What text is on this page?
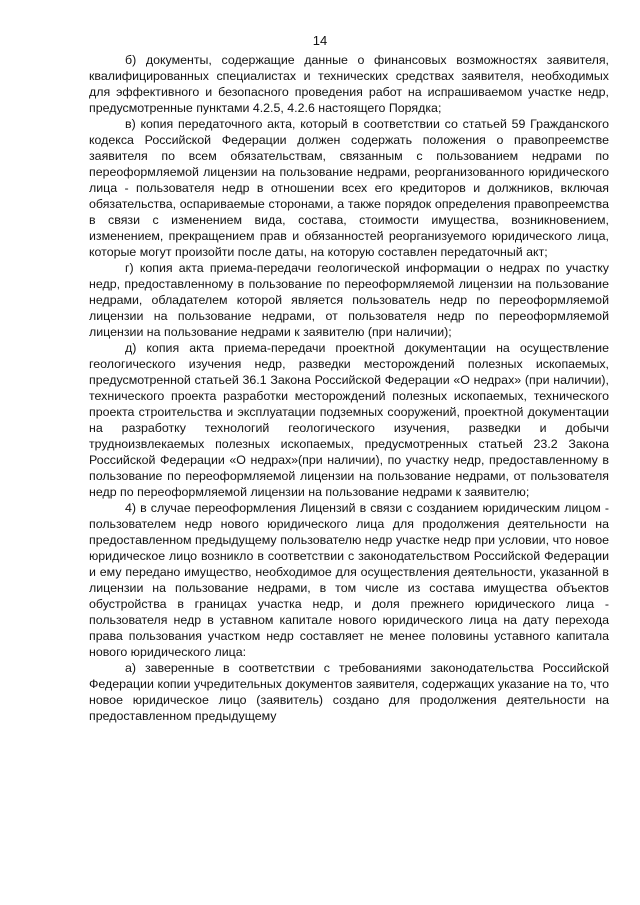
14

б) документы, содержащие данные о финансовых возможностях заявителя, квалифицированных специалистах и технических средствах заявителя, необходимых для эффективного и безопасного проведения работ на испрашиваемом участке недр, предусмотренные пунктами 4.2.5, 4.2.6 настоящего Порядка;

в) копия передаточного акта, который в соответствии со статьей 59 Гражданского кодекса Российской Федерации должен содержать положения о правопреемстве заявителя по всем обязательствам, связанным с пользованием недрами по переоформляемой лицензии на пользование недрами, реорганизованного юридического лица - пользователя недр в отношении всех его кредиторов и должников, включая обязательства, оспариваемые сторонами, а также порядок определения правопреемства в связи с изменением вида, состава, стоимости имущества, возникновением, изменением, прекращением прав и обязанностей реорганизуемого юридического лица, которые могут произойти после даты, на которую составлен передаточный акт;

г) копия акта приема-передачи геологической информации о недрах по участку недр, предоставленному в пользование по переоформляемой лицензии на пользование недрами, обладателем которой является пользователь недр по переоформляемой лицензии на пользование недрами, от пользователя недр по переоформляемой лицензии на пользование недрами к заявителю (при наличии);

д) копия акта приема-передачи проектной документации на осуществление геологического изучения недр, разведки месторождений полезных ископаемых, предусмотренной статьей 36.1 Закона Российской Федерации «О недрах» (при наличии), технического проекта разработки месторождений полезных ископаемых, технического проекта строительства и эксплуатации подземных сооружений, проектной документации на разработку технологий геологического изучения, разведки и добычи трудноизвлекаемых полезных ископаемых, предусмотренных статьей 23.2 Закона Российской Федерации «О недрах»(при наличии), по участку недр, предоставленному в пользование по переоформляемой лицензии на пользование недрами, от пользователя недр по переоформляемой лицензии на пользование недрами к заявителю;

4) в случае переоформления Лицензий в связи с созданием юридическим лицом - пользователем недр нового юридического лица для продолжения деятельности на предоставленном предыдущему пользователю недр участке недр при условии, что новое юридическое лицо возникло в соответствии с законодательством Российской Федерации и ему передано имущество, необходимое для осуществления деятельности, указанной в лицензии на пользование недрами, в том числе из состава имущества объектов обустройства в границах участка недр, и доля прежнего юридического лица - пользователя недр в уставном капитале нового юридического лица на дату перехода права пользования участком недр составляет не менее половины уставного капитала нового юридического лица:

а) заверенные в соответствии с требованиями законодательства Российской Федерации копии учредительных документов заявителя, содержащих указание на то, что новое юридическое лицо (заявитель) создано для продолжения деятельности на предоставленном предыдущему
